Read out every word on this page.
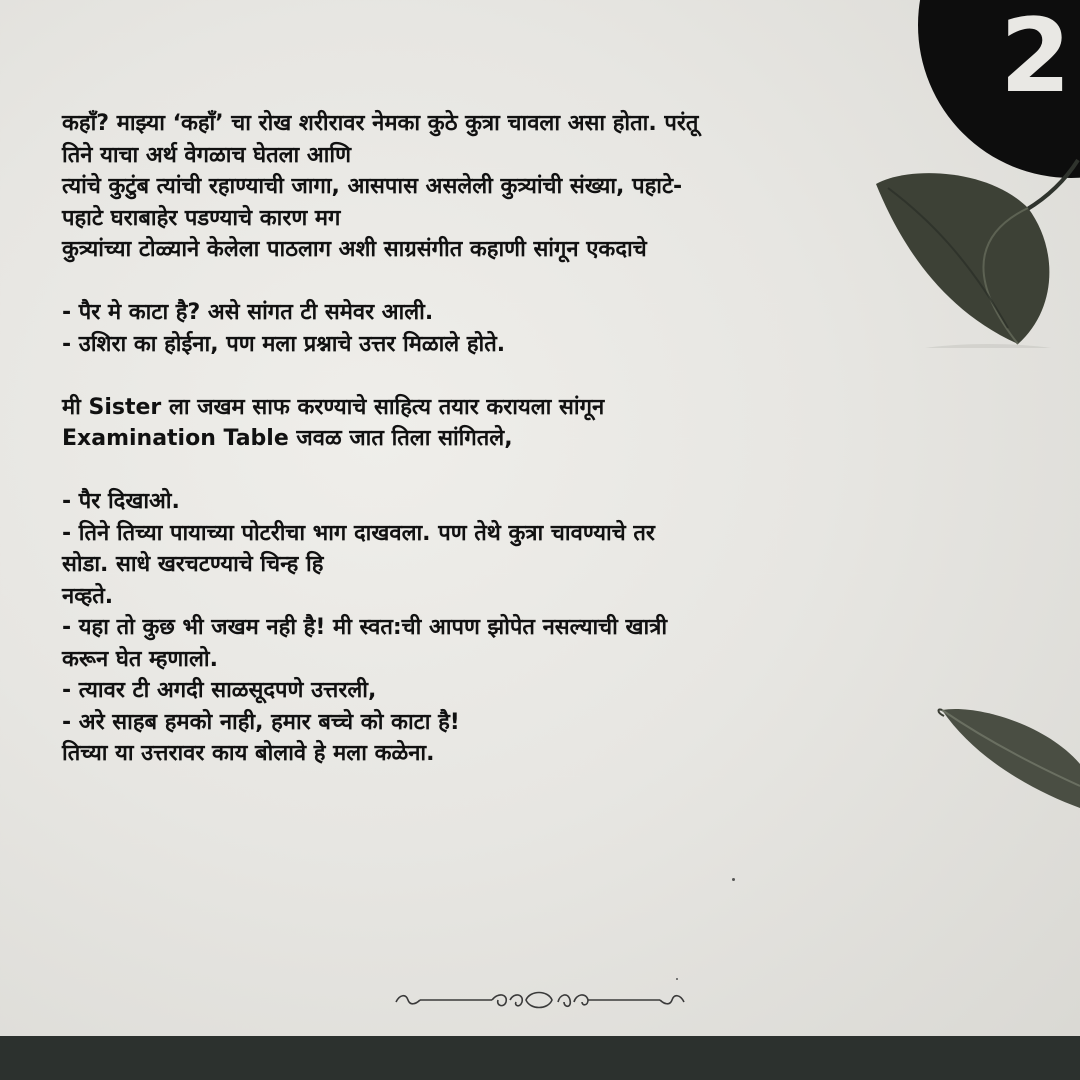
2
कहाँ? माझ्या ‘कहाँ’ चा रोख शरीरावर नेमका कुठे कुत्रा चावला असा होता. परंतू
तिने याचा अर्थ वेगळाच घेतला आणि
त्यांचे कुटुंब त्यांची रहाण्याची जागा, आसपास असलेली कुत्र्यांची संख्या, पहाटे-
पहाटे घराबाहेर पडण्याचे कारण मग
कुत्र्यांच्या टोळ्याने केलेला पाठलाग अशी साग्रसंगीत कहाणी सांगून एकदाचे
- पैर मे काटा है? असे सांगत टी समेवर आली.
- उशिरा का होईना, पण मला प्रश्नाचे उत्तर मिळाले होते.
मी Sister ला जखम साफ करण्याचे साहित्य तयार करायला सांगून
Examination Table जवळ जात तिला सांगितले,
- पैर दिखाओ.
- तिने तिच्या पायाच्या पोटरीचा भाग दाखवला. पण तेथे कुत्रा चावण्याचे तर
सोडा. साधे खरचटण्याचे चिन्ह हि
नव्हते.
- यहा तो कुछ भी जखम नही है! मी स्वत:ची आपण झोपेत नसल्याची खात्री
करून घेत म्हणालो.
- त्यावर टी अगदी साळसूदपणे उत्तरली,
- अरे साहब हमको नाही, हमार बच्चे को काटा है!
तिच्या या उत्तरावर काय बोलावे हे मला कळेना.
